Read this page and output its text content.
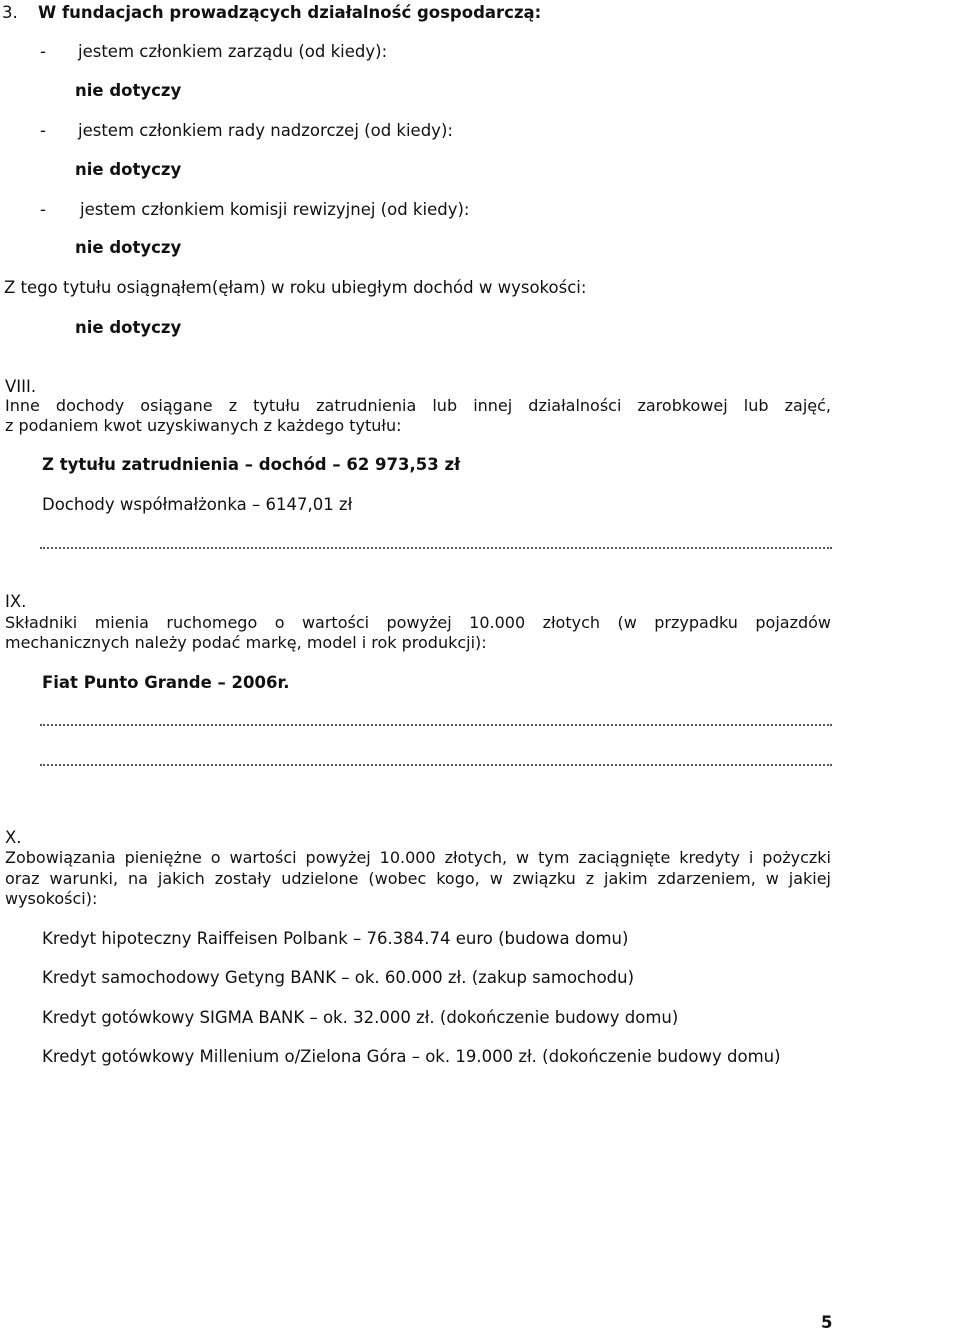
3. W fundacjach prowadzących działalność gospodarczą:
- jestem członkiem zarządu (od kiedy):
nie dotyczy
- jestem członkiem rady nadzorczej (od kiedy):
nie dotyczy
- jestem członkiem komisji rewizyjnej (od kiedy):
nie dotyczy
Z tego tytułu osiągnąłem(ęłam) w roku ubiegłym dochód w wysokości:
nie dotyczy
VIII.
Inne dochody osiągane z tytułu zatrudnienia lub innej działalności zarobkowej lub zajęć,
z podaniem kwot uzyskiwanych z każdego tytułu:
Z tytułu zatrudnienia – dochód – 62 973,53 zł
Dochody współmałżonka – 6147,01 zł
IX.
Składniki mienia ruchomego o wartości powyżej 10.000 złotych (w przypadku pojazdów
mechanicznych należy podać markę, model i rok produkcji):
Fiat Punto Grande – 2006r.
X.
Zobowiązania pieniężne o wartości powyżej 10.000 złotych, w tym zaciągnięte kredyty i pożyczki
oraz warunki, na jakich zostały udzielone (wobec kogo, w związku z jakim zdarzeniem, w jakiej
wysokości):
Kredyt hipoteczny Raiffeisen Polbank – 76.384.74 euro (budowa domu)
Kredyt samochodowy Getyng BANK – ok. 60.000 zł. (zakup samochodu)
Kredyt gotówkowy SIGMA BANK – ok. 32.000 zł. (dokończenie budowy domu)
Kredyt gotówkowy Millenium o/Zielona Góra – ok. 19.000 zł. (dokończenie budowy domu)
5
